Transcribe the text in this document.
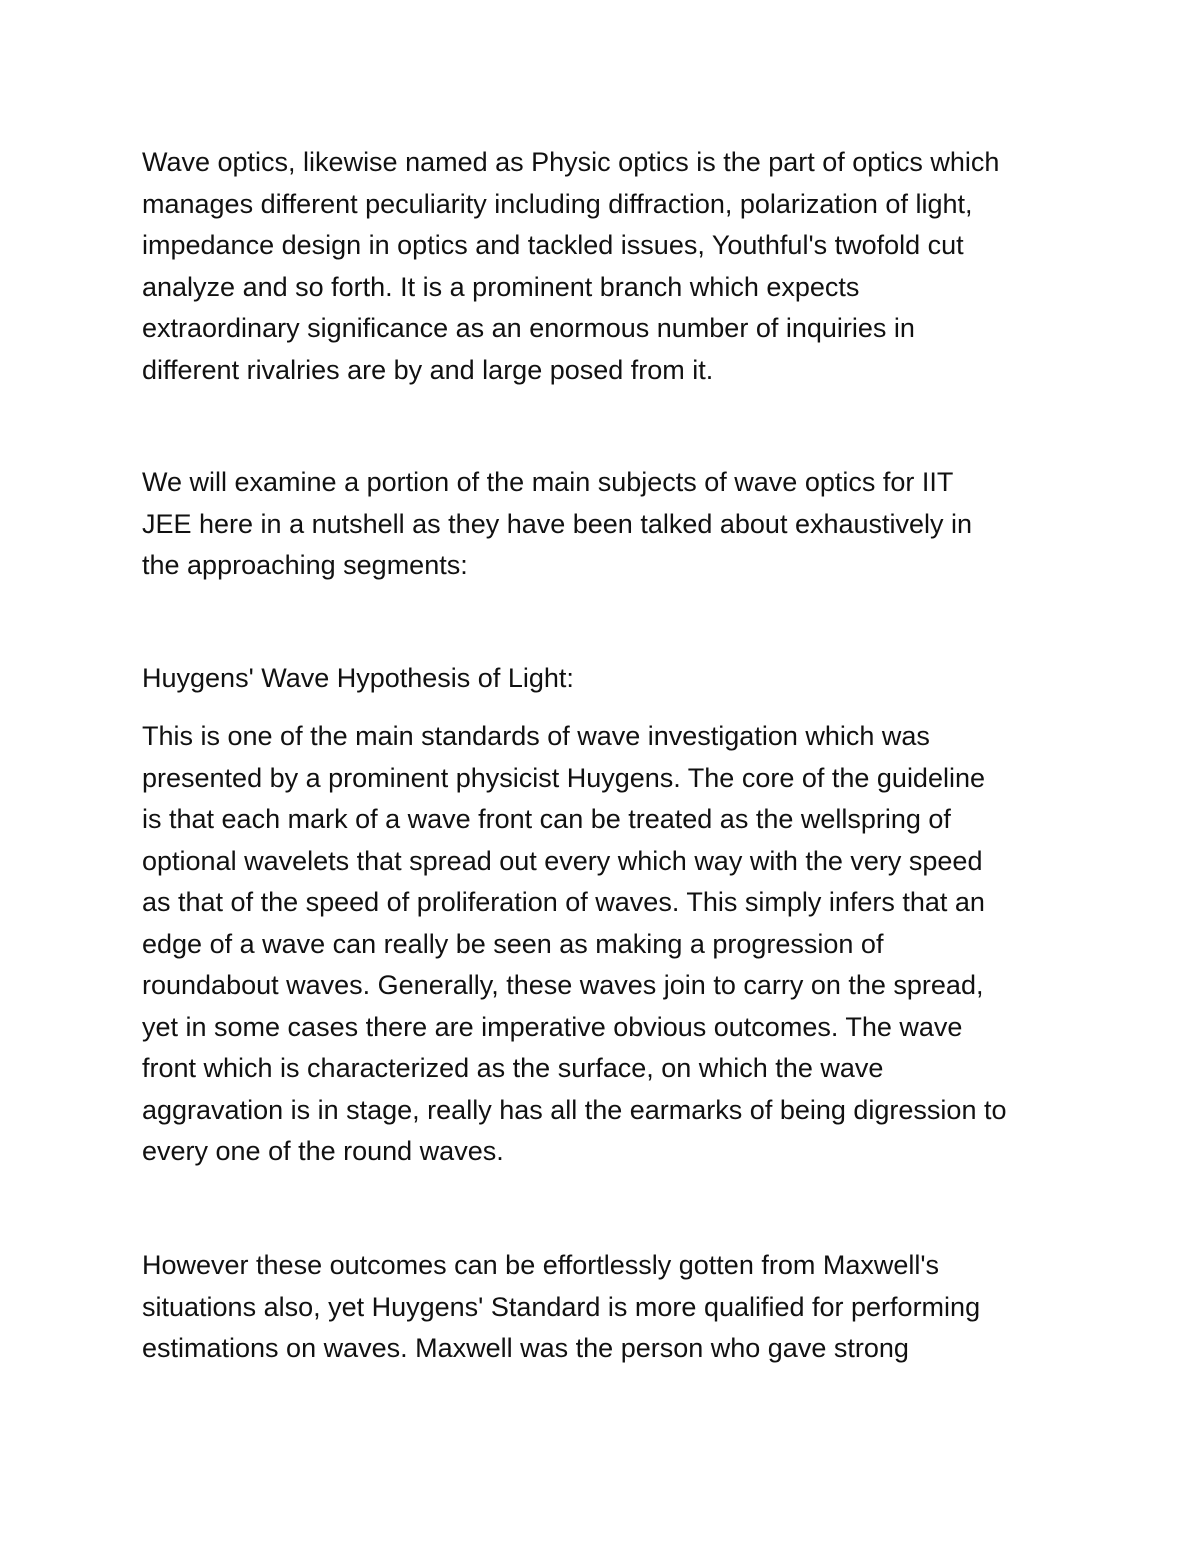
Wave optics, likewise named as Physic optics is the part of optics which
manages different peculiarity including diffraction, polarization of light,
impedance design in optics and tackled issues, Youthful's twofold cut
analyze and so forth. It is a prominent branch which expects
extraordinary significance as an enormous number of inquiries in
different rivalries are by and large posed from it.
We will examine a portion of the main subjects of wave optics for IIT
JEE here in a nutshell as they have been talked about exhaustively in
the approaching segments:
Huygens' Wave Hypothesis of Light:
This is one of the main standards of wave investigation which was
presented by a prominent physicist Huygens. The core of the guideline
is that each mark of a wave front can be treated as the wellspring of
optional wavelets that spread out every which way with the very speed
as that of the speed of proliferation of waves. This simply infers that an
edge of a wave can really be seen as making a progression of
roundabout waves. Generally, these waves join to carry on the spread,
yet in some cases there are imperative obvious outcomes. The wave
front which is characterized as the surface, on which the wave
aggravation is in stage, really has all the earmarks of being digression to
every one of the round waves.
However these outcomes can be effortlessly gotten from Maxwell's
situations also, yet Huygens' Standard is more qualified for performing
estimations on waves. Maxwell was the person who gave strong
